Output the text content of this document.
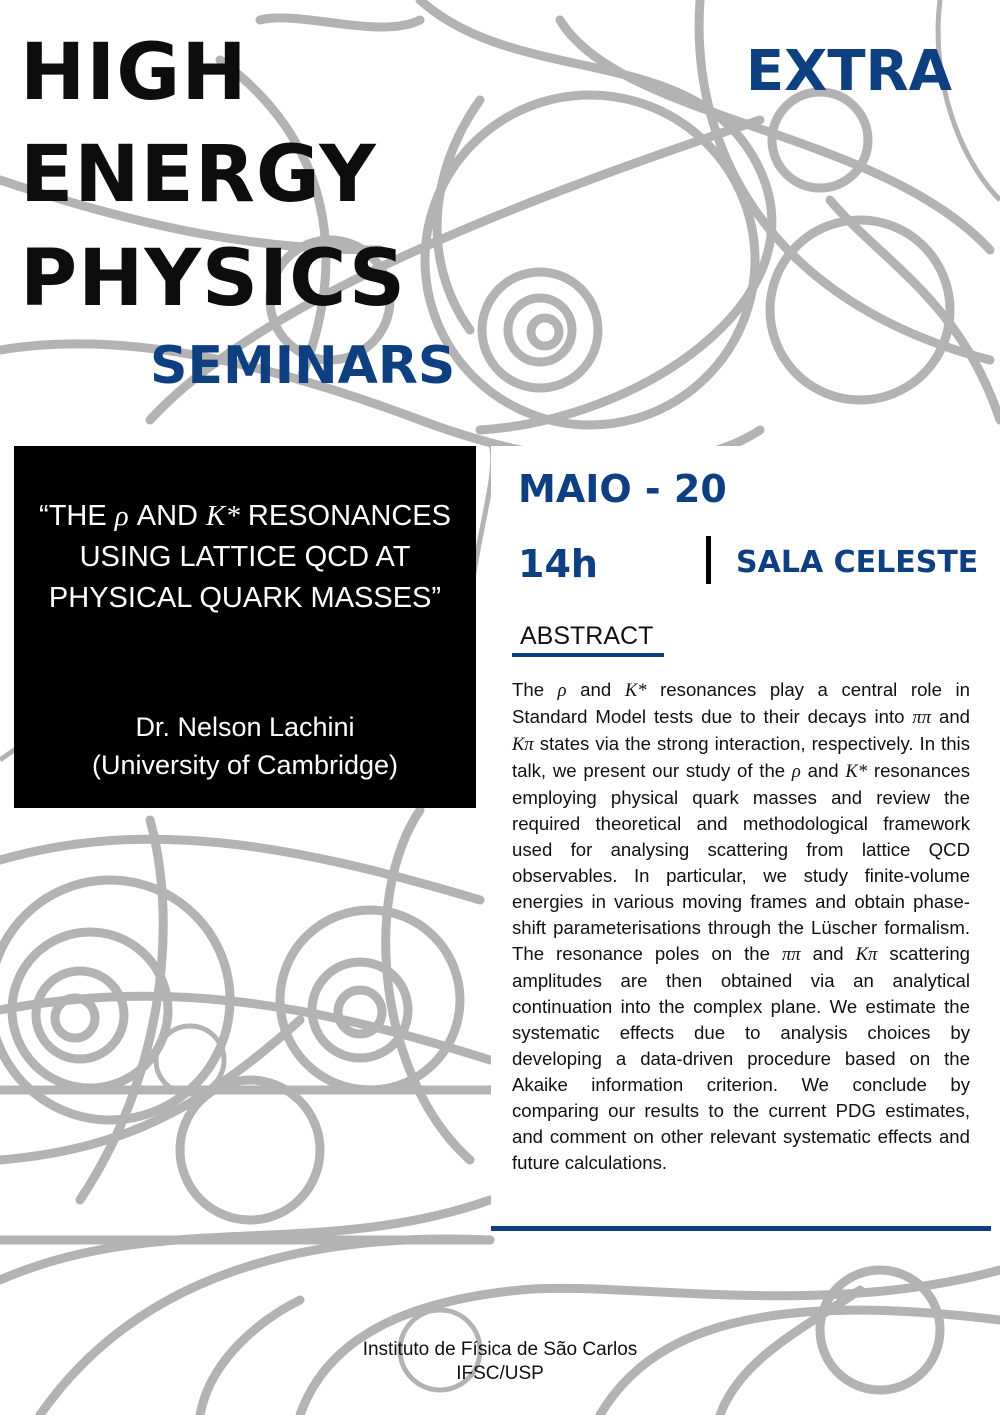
HIGH
ENERGY
PHYSICS
SEMINARS
EXTRA
“THE ρ AND K* RESONANCES
USING LATTICE QCD AT
PHYSICAL QUARK MASSES”
Dr. Nelson Lachini
(University of Cambridge)
MAIO - 20
14h	SALA CELESTE
ABSTRACT
The ρ and K* resonances play a central role in Standard Model tests due to their decays into ππ and Kπ states via the strong interaction, respectively. In this talk, we present our study of the ρ and K* resonances employing physical quark masses and review the required theoretical and methodological framework used for analysing scattering from lattice QCD observables. In particular, we study finite-volume energies in various moving frames and obtain phase-shift parameterisations through the Lüscher formalism. The resonance poles on the ππ and Kπ scattering amplitudes are then obtained via an analytical continuation into the complex plane. We estimate the systematic effects due to analysis choices by developing a data-driven procedure based on the Akaike information criterion. We conclude by comparing our results to the current PDG estimates, and comment on other relevant systematic effects and future calculations.
Instituto de Física de São Carlos
IFSC/USP
